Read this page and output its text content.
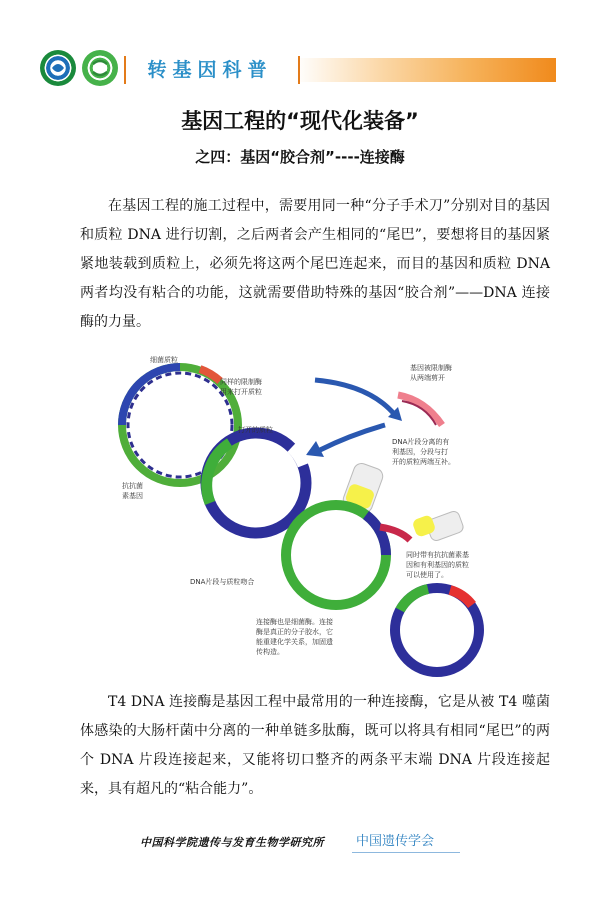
转基因科普
基因工程的“现代化装备”
之四：基因“胶合剂”----连接酶
在基因工程的施工过程中，需要用同一种“分子手术刀”分别对目的基因和质粒 DNA 进行切割，之后两者会产生相同的“尾巴”，要想将目的基因紧紧地装载到质粒上，必须先将这两个尾巴连起来，而目的基因和质粒 DNA 两者均没有粘合的功能，这就需要借助特殊的基因“胶合剂”——DNA 连接酶的力量。
细菌质粒
同样的限制酶
用来打开质粒
基因被限制酶
从两端剪开
打开的质粒
抗抗菌
素基因
DNA片段分离的有
利基因，分段与打
开的质粒两端互补。
同时带有抗抗菌素基
因和有利基因的质粒
可以使用了。
DNA片段与质粒吻合
连接酶也是细菌酶。连接
酶是真正的分子胶水，它
能重建化学关系，加固遗
传构造。
T4 DNA 连接酶是基因工程中最常用的一种连接酶，它是从被 T4 噬菌体感染的大肠杆菌中分离的一种单链多肽酶，既可以将具有相同“尾巴”的两个 DNA 片段连接起来，又能将切口整齐的两条平末端 DNA 片段连接起来，具有超凡的“粘合能力”。
中国科学院遗传与发育生物学研究所	中国遗传学会
